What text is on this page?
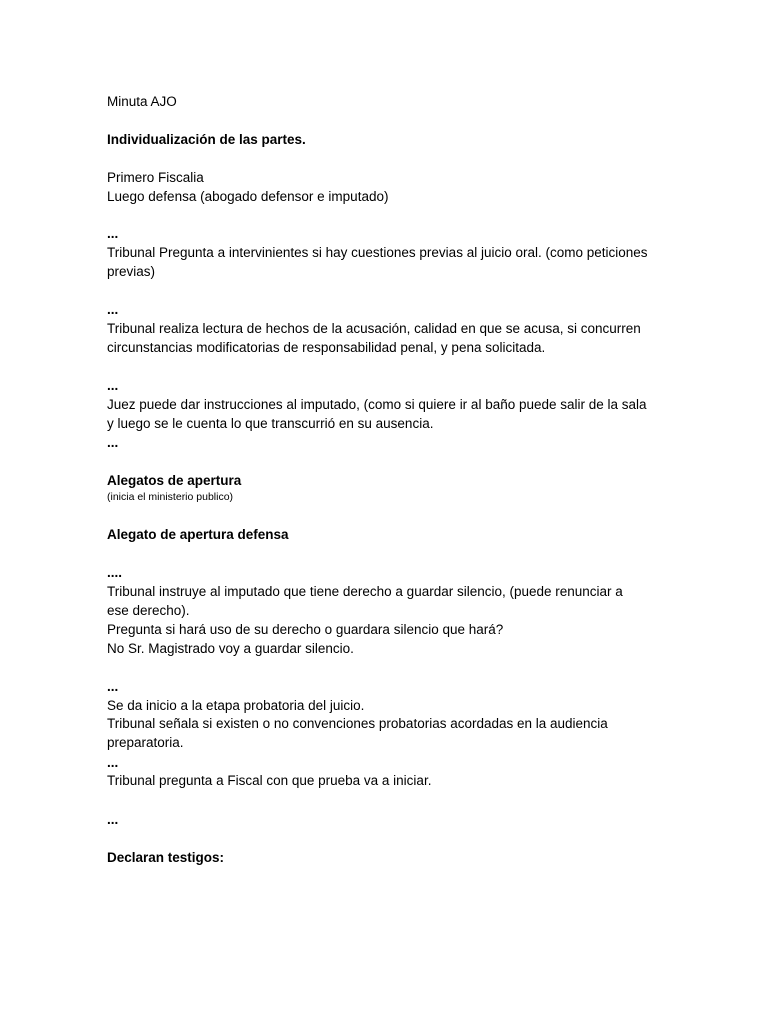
Minuta AJO
Individualización de las partes.
Primero Fiscalia
Luego defensa (abogado defensor e imputado)
...
Tribunal Pregunta a intervinientes si hay cuestiones previas al juicio oral. (como peticiones
previas)
...
Tribunal realiza lectura de hechos de la acusación, calidad en que se acusa, si concurren
circunstancias modificatorias de responsabilidad penal, y pena solicitada.
...
Juez puede dar instrucciones al imputado, (como si quiere ir al baño puede salir de la sala
y luego se le cuenta lo que transcurrió en su ausencia.
...
Alegatos de apertura
(inicia el ministerio publico)
Alegato de apertura defensa
....
Tribunal instruye al imputado que tiene derecho a guardar silencio, (puede renunciar a
ese derecho).
Pregunta si hará uso de su derecho o guardara silencio que hará?
No Sr. Magistrado voy a guardar silencio.
...
Se da inicio a la etapa probatoria del juicio.
Tribunal señala si existen o no convenciones probatorias acordadas en la audiencia
preparatoria.
...
Tribunal pregunta a Fiscal con que prueba va a iniciar.
...
Declaran testigos:
